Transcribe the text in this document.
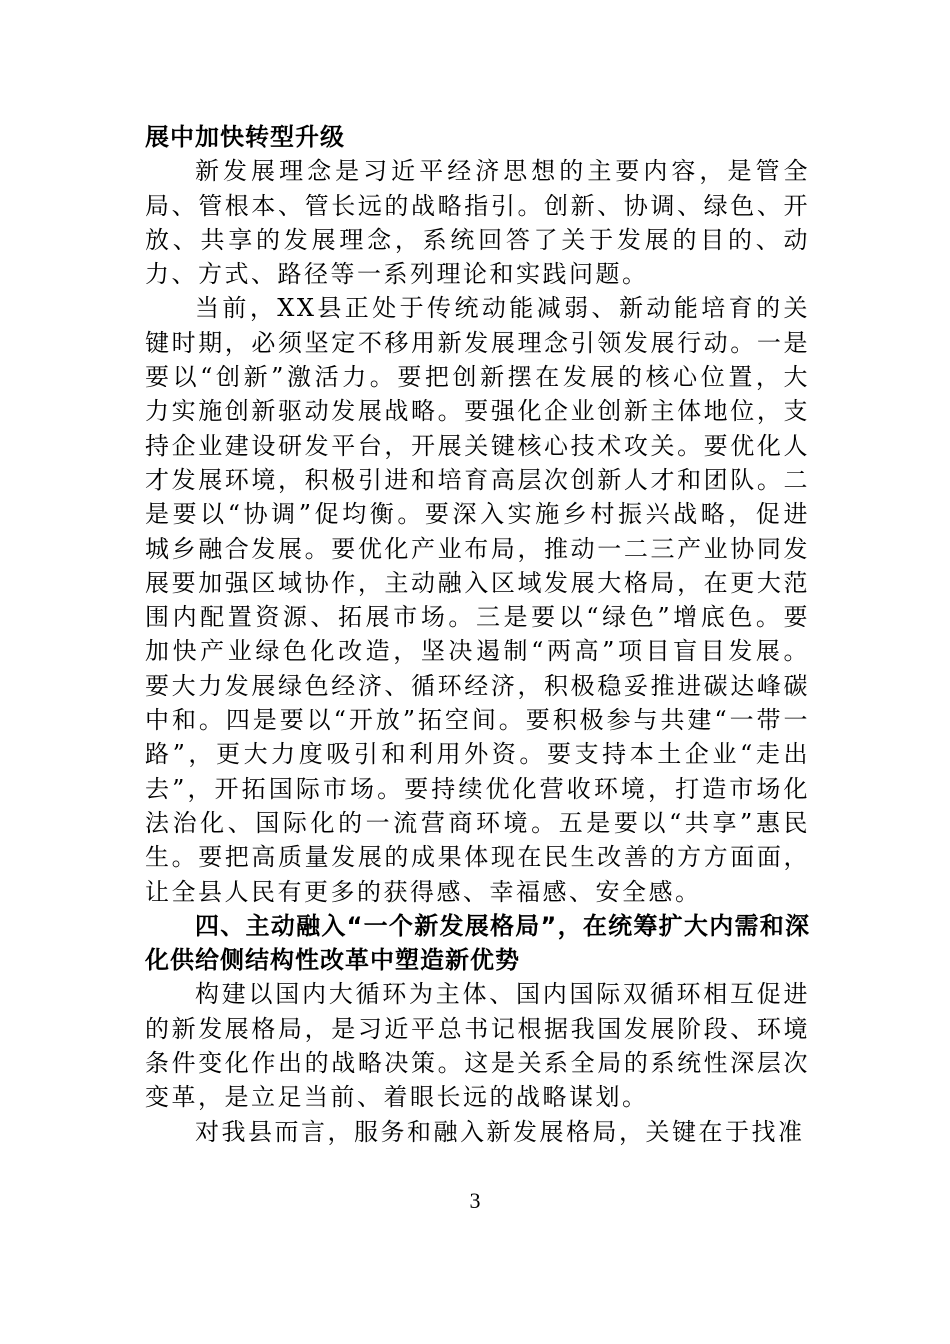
展中加快转型升级

新发展理念是习近平经济思想的主要内容，是管全局、管根本、管长远的战略指引。创新、协调、绿色、开放、共享的发展理念，系统回答了关于发展的目的、动力、方式、路径等一系列理论和实践问题。

当前，XX县正处于传统动能减弱、新动能培育的关键时期，必须坚定不移用新发展理念引领发展行动。一是要以“创新”激活力。要把创新摆在发展的核心位置，大力实施创新驱动发展战略。要强化企业创新主体地位，支持企业建设研发平台，开展关键核心技术攻关。要优化人才发展环境，积极引进和培育高层次创新人才和团队。二是要以“协调”促均衡。要深入实施乡村振兴战略，促进城乡融合发展。要优化产业布局，推动一二三产业协同发展要加强区域协作，主动融入区域发展大格局，在更大范围内配置资源、拓展市场。三是要以“绿色”增底色。要加快产业绿色化改造，坚决遏制“两高”项目盲目发展。要大力发展绿色经济、循环经济，积极稳妥推进碳达峰碳中和。四是要以“开放”拓空间。要积极参与共建“一带一路”，更大力度吸引和利用外资。要支持本土企业“走出去”，开拓国际市场。要持续优化营收环境，打造市场化法治化、国际化的一流营商环境。五是要以“共享”惠民生。要把高质量发展的成果体现在民生改善的方方面面，让全县人民有更多的获得感、幸福感、安全感。

四、主动融入“一个新发展格局”，在统筹扩大内需和深化供给侧结构性改革中塑造新优势

构建以国内大循环为主体、国内国际双循环相互促进的新发展格局，是习近平总书记根据我国发展阶段、环境条件变化作出的战略决策。这是关系全局的系统性深层次变革，是立足当前、着眼长远的战略谋划。

对我县而言，服务和融入新发展格局，关键在于找准

3
